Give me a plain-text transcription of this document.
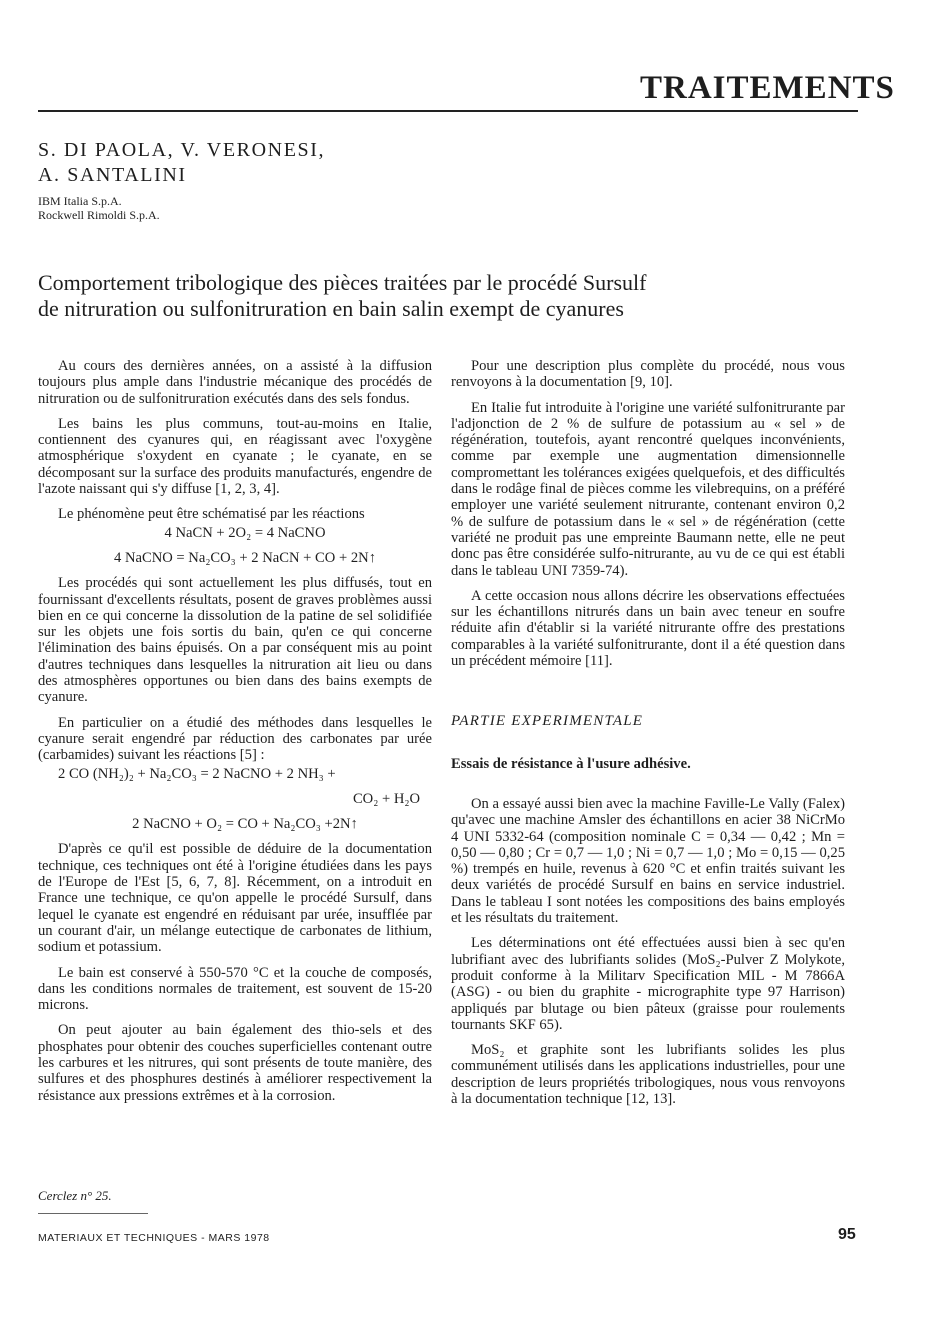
TRAITEMENTS
S. DI PAOLA, V. VERONESI,
A. SANTALINI
IBM Italia S.p.A.
Rockwell Rimoldi S.p.A.
Comportement tribologique des pièces traitées par le procédé Sursulf
de nitruration ou sulfonitruration en bain salin exempt de cyanures

Au cours des dernières années, on a assisté à la diffusion toujours plus ample dans l'industrie mécanique des procédés de nitruration ou de sulfonitruration exécutés dans des sels fondus.

Les bains les plus communs, tout-au-moins en Italie, contiennent des cyanures qui, en réagissant avec l'oxygène atmosphérique s'oxydent en cyanate ; le cyanate, en se décomposant sur la surface des produits manufacturés, engendre de l'azote naissant qui s'y diffuse [1, 2, 3, 4].

Le phénomène peut être schématisé par les réactions

4 NaCN + 2O₂ = 4 NaCNO

4 NaCNO = Na₂CO₃ + 2 NaCN + CO + 2N↑

Les procédés qui sont actuellement les plus diffusés, tout en fournissant d'excellents résultats, posent de graves problèmes aussi bien en ce qui concerne la dissolution de la patine de sel solidifiée sur les objets une fois sortis du bain, qu'en ce qui concerne l'élimination des bains épuisés. On a par conséquent mis au point d'autres techniques dans lesquelles la nitruration ait lieu ou dans des atmosphères opportunes ou bien dans des bains exempts de cyanure.

En particulier on a étudié des méthodes dans lesquelles le cyanure serait engendré par réduction des carbonates par urée (carbamides) suivant les réactions [5] :

2 CO (NH₂)₂ + Na₂CO₃ = 2 NaCNO + 2 NH₃ +

CO₂ + H₂O

2 NaCNO + O₂ = CO + Na₂CO₃ +2N↑

D'après ce qu'il est possible de déduire de la documentation technique, ces techniques ont été à l'origine étudiées dans les pays de l'Europe de l'Est [5, 6, 7, 8]. Récemment, on a introduit en France une technique, ce qu'on appelle le procédé Sursulf, dans lequel le cyanate est engendré en réduisant par urée, insufflée par un courant d'air, un mélange eutectique de carbonates de lithium, sodium et potassium.

Le bain est conservé à 550-570 °C et la couche de composés, dans les conditions normales de traitement, est souvent de 15-20 microns.

On peut ajouter au bain également des thio-sels et des phosphates pour obtenir des couches superficielles contenant outre les carbures et les nitrures, qui sont présents de toute manière, des sulfures et des phosphures destinés à améliorer respectivement la résistance aux pressions extrêmes et à la corrosion.

Pour une description plus complète du procédé, nous vous renvoyons à la documentation [9, 10].

En Italie fut introduite à l'origine une variété sulfonitrurante par l'adjonction de 2 % de sulfure de potassium au « sel » de régénération, toutefois, ayant rencontré quelques inconvénients, comme par exemple une augmentation dimensionnelle compromettant les tolérances exigées quelquefois, et des difficultés dans le rodâge final de pièces comme les vilebrequins, on a préféré employer une variété seulement nitrurante, contenant environ 0,2 % de sulfure de potassium dans le « sel » de régénération (cette variété ne produit pas une empreinte Baumann nette, elle ne peut donc pas être considérée sulfo-nitrurante, au vu de ce qui est établi dans le tableau UNI 7359-74).

A cette occasion nous allons décrire les observations effectuées sur les échantillons nitrurés dans un bain avec teneur en soufre réduite afin d'établir si la variété nitrurante offre des prestations comparables à la variété sulfonitrurante, dont il a été question dans un précédent mémoire [11].

PARTIE EXPERIMENTALE

Essais de résistance à l'usure adhésive.

On a essayé aussi bien avec la machine Faville-Le Vally (Falex) qu'avec une machine Amsler des échantillons en acier 38 NiCrMo 4 UNI 5332-64 (composition nominale C = 0,34 — 0,42 ; Mn = 0,50 — 0,80 ; Cr = 0,7 — 1,0 ; Ni = 0,7 — 1,0 ; Mo = 0,15 — 0,25 %) trempés en huile, revenus à 620 °C et enfin traités suivant les deux variétés de procédé Sursulf en bains en service industriel. Dans le tableau I sont notées les compositions des bains employés et les résultats du traitement.

Les déterminations ont été effectuées aussi bien à sec qu'en lubrifiant avec des lubrifiants solides (MoS₂-Pulver Z Molykote, produit conforme à la Militarv Specification MIL - M 7866A (ASG) - ou bien du graphite - micrographite type 97 Harrison) appliqués par blutage ou bien pâteux (graisse pour roulements tournants SKF 65).

MoS₂ et graphite sont les lubrifiants solides les plus communément utilisés dans les applications industrielles, pour une description de leurs propriétés tribologiques, nous vous renvoyons à la documentation technique [12, 13].

Cerclez n° 25.
MATERIAUX ET TECHNIQUES - MARS 1978	95
